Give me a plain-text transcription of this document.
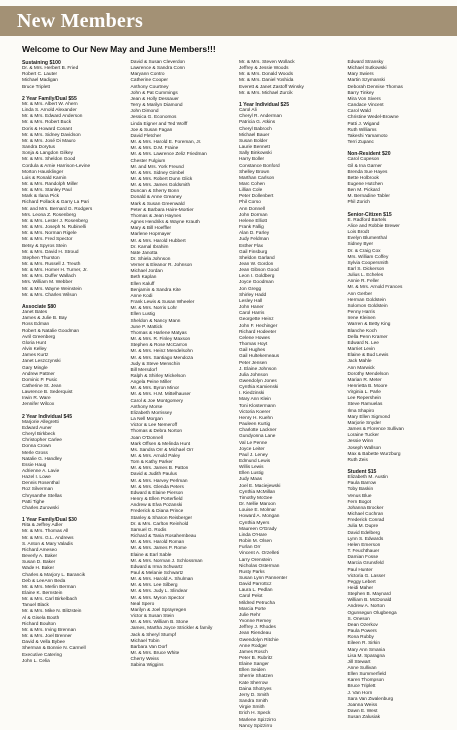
New Members

Welcome to Our New May and June Members!!!

Sustaining $100
Dr. & Mrs. Herbert B. Fried
Robert C. Lauter
Michael Madigan
Bruce Triplett
2 Year Family/Dual $55
Mr. & Mrs. Albert W. Ahern
Linda S. Arnold Alexander
Mr. & Mrs. Edward Anderson
Mr. & Mrs. Robert Buck
Doris & Howard Conant
Mr. & Mrs. Sidney Davidson
Mr. & Mrs. José Di Mauro
Sandra Dorytus
Sonja & Langdon Gilkey
Mr. & Mrs. Sheldon Good
Cordula & Arnie Harrison-Levine
Morton Hausklinger
Lois & Ronald Kamin
Mr. & Mrs. Randolph Miller
Mr. & Mrs. Stanley Paul
Mark & Ilana Pick
Richard Pollack & Garry La Pari
Mr. and Mrs. Bernard G. Rodgers
Mrs. Leona Z. Rosenberg
Mr. & Mrs. Lester J. Rosenberg
Mr. & Mrs. Joseph N. Rubinelli
Mr. & Mrs. Norman Rigele
Mr. & Mrs. Fred Spector
Betsy & Spyros Stein
Mr. & Mrs. David H. Stroud
Stephen Thurston
Mr. & Mrs. Russell J. Treuth
Mr. & Mrs. Homer H. Turner, Jr.
Mr. & Mrs. Duffer Wallach
Mrs. William M. Webber
Mr. & Mrs. Wayne Weinstein
Mr. & Mrs. Charles Wilson
Associate $80
Janet Bates
James & Julie B. Bay
Ross Edman
Robert & Natalie Goodman
Avril Greenberg
Gloria Hunt
Alvin Kelley
James Kurtz
Janet Leszczynski
Gary Mingle
Andrew Pattner
Dominic P. Pusic
Catherine St. Jean
Lawrence B. Sederquist
Irwin R. Ware
Jennifer Wilcox
2 Year Individual $45
Marjorie Allegretti
Edward Auner
Cheryl Birkbeck
Christopher Carlee
Donna Crown
Merle Gross
Natalie G. Handley
Essie Haug
Adrienne A. Lavie
Hazel I. Lowe
Dennis Rosenthal
Roz Silverman
Chrysanthe Stellas
Patti Tighe
Charles Zurowski
1 Year Family/Dual $30
Rita & Jeffrey Adler
Mr. & Mrs. Thomas All
Mr. & Mrs. G.L. Andrews
S. Anton & Mary Valadis
Richard Ameseo
Beverly A. Baker
Susan D. Baker
Wade H. Baker
Charles & Marjory L. Barancik
Deb & LeeAnn Beda
Mr. & Mrs. Merlin Berman
Elaine K. Bernstein
Mr. & Mrs. Carl Birkelbach
Tanuel Black
Mr. & Mrs. Mike N. Blitzstein
Al & Gisela Booth
Richard Boulton
Mr. & Mrs. Irving Brennan
Mr. & Mrs. Joel Brenner
David & Vella Bybee
Sherman & Bonnie N. Carmell
Executive Catering
John L. Celia
David & Susan Cleverdon
Lawrence & Sandra Conn
Maryann Contro
Catherine Cooper
Anthony Courtney
John & Pat Cummings
Jean & Holly Dessauer
Terry & Marilyn Diamond
John Dimond
Jessica G. Economos
Linda Eigner and Ted Wolff
Joe & Susan Fagan
David Fletcher
Mr. & Mrs. Harold E. Foreman, Jr.
Mr. & Mrs. D.M. Fraine
Mr. & Mrs. Lawrence Zeliz Friedman
Chester Fulgium
Mr. and Mrs. York Freund
Mr. & Mrs. Sidney Gimbel
Mr. & Mrs. Robert Dunn Glick
Mr. & Mrs. James Goldsmith
Duncan & Sherry Bonn
Donald & Anne Greaney
Mark & Susan Greenwald
Peter & Barbara Haire-Mortier
Thomas & Jean Haynes
Agnes Hendriks & Wayne Krauth
Mary & Bill Hoeffler
Marlene Hopmayer
Mr. & Mrs. Harold Hubbert
Dr. Kamal Ibrahim
Nate Janotta
Dr. Shiela Johnson
Verner & Eleanor R. Johnson
Michael Jordan
Beth Kaplan
Ellen Kaluff
Benjamin & Sandra Kite
Anne Kodi
Frank Lewis & Susan Wheeler
Mr. & Mrs. Norris Lohr
Ellen Lustig
Sheldon & Nancy Mann
June P. Mattick
Thomas & Harlene Matyas
Mr. & Mrs. R. Finley Maxson
Stephen & Rose McCarron
Mr. & Mrs. Heinz Mendelsohn
Mr. & Mrs. Santiago Mendoza
Judy & Steve Menschin
Bill Mersdorf
Ralph & Shirley Mickelson
Angela Peine Miller
Mr. & Mrs. Byron Minor
Mr. & Mrs. H.M. Mittelhauser
Carol & Joe Montgomery
Anthony Morse
Elizabeth Morrissey
La Nell Morgan
Victor & Lee Nemeroff
Thomas & Debra Norton
Joan O'Donnell
Mark Offsen & Melinda Hunt
Ms. Sandra Orr & Michael Orr
Mr. & Mrs. Arnold Paley
Tom & Kathy Parker
Mr. & Mrs. James B. Patton
David & Judith Paulus
Mr. & Mrs. Harvey Perlman
Mr. & Mrs. Glenda Peters
Edward & Elaine Pierson
Henry & Ellen Porterfield
Andrew & Elva Pozanski
Frederick & Diana Prince
Stanley & Sharon Reisberger
Dr. & Mrs. Carlton Reinhold
Samuel G. Rodis
Richard & Tania Rosahembeau
Mr. & Mrs. Harold Roman
Mr. & Mrs. James P. Rome
Elaine & Earl Sable
Mr. & Mrs. Norman J. Schlossman
Edward & Irma Schwartz
Paul & Melanie Schwartz
Mr. & Mrs. Harold A. Shulman
Mr. & Mrs. Lee Silberg
Mr. & Mrs. Judy L. Slindear
Mr. & Mrs. Myron Spector
Neal Spero
Marilyn & Joel Sprayregen
Victor & Susan Stein
Mr. & Mrs. William B. Stone
James, Martha Joyce Strickler & family
Jack & Sheryl Stumpf
Michael Tobin
Barbara Van Dorf
Mr. & Mrs. Bruce White
Cherry Weiss
Sabina Wiggins
Mr. & Mrs. Steven Wollack
Jeffrey & Jessie Woods
Mr. & Mrs. Donald Woods
Mr. & Mrs. Daniel Yoshida
Everett & Janet Zastoff Winsky
Mr. & Mrs. Michael Zurcik
1 Year Individual $25
Carol Ali
Cheryl R. Anderman
Patricia G. Atkins
Cheryl Babroch
Michael Bauer
Susan Bolder
Laurie Bennett
Sally Binkowski
Harry Boller
Constance Bonford
Shelley Brown
Marthan Carlson
Marc Cohen
Lillian Cole
Peter Dollenbert
Phil Corso
Ann Donnell
John Dorman
Helene Elliott
Frank Fallig
Alan D. Farley
Judy Feldman
Esther Flax
Gail Finsburg
Sheldon Garland
Jean W. Gordon
Jean Gibson Good
Leon I. Goldberg
Joyce Goodman
Jon Gregg
Shirley Hadd
Lesley Hall
John Haner
Carol Harris
Georgette Heinz
John F. Hechinger
Richard Hodeeter
Celene Howes
Thomas Hoyt
Gail Hughes
Gail Hultekemeaus
Peter Jensen
J. Elaine Johnson
Julia Johnson
Gwendolyn Jones
Cynthia Kamienski
I. Kiedzinski
Mary Ann Klein
Toni Klostermann
Victoria Koerer
Henry H. Kuehn
Pauleen Kurtig
Charlotte Lackner
Gundyonna Lane
Val Le Penne
Joyce Leiter
Paul J. Leney
Edmund Lewis
Willis Lewis
Ellen Lustig
Judy Maas
Joel E. Maciejewski
Cynthia McMillan
Timothy McGee
Dr. Nellie Maroon
Louise E. Molmar
Howard A. Mongan
Cynthia Myers
Maureen O'Grady
Linda O'Hare
Robin M. Olsen
Furlan Orr
Vincent A. Orzelleti
Larry Orenstein
Nicholas Osterman
Rusty Parks
Susan Lynn Pannenter
David Parrottcz
Laura L. Pedlan
Carol Pelot
Mildred Petrucha
Marcia Porte
Julie Rehr
Yvonne Remey
Jeffrey J. Rhodes
Jean Riendeau
Gwendolyn Ritchie
Anne Rodger
James Rosch
Peter B. Rubritz
Elaine Sanger
Ellen Seiden
Sherrie Shatzen
Kate Sherrow
Daina Shotryes
Jerry D. Smith
Sandra Smith
Virgie Smith
Erich H. Speck
Marlene Spizzirro
Nancy Spizzirro
Edward Stransky
Michael Sutkowski
Mary Swiers
Martin Szymanski
Deborah Dennise Thomas
Barry Tinkey
Mira Von Sivers
Candace Vincent
Carol Wald
Christine Wedel-Browne
Patti J. Wigand
Ruth Williams
Takeshi Yamamoto
Terri Zupanc
Non-Resident $20
Carol Copeson
Gil & Ina Garner
Brenda Sue Hayes
Bette Holbrook
Eugene Hutchen
Ben M. Pickard
M. Bernadine Tabler
Phil Zorich
Senior-Citizen $15
E. Radford Bartels
Alice and Robbie Brewer
Lois Brodt
Evelyn Blumenthal
Sidney Byer
Dr. & Craig Cox
Mrs. William Coffey
Sylvia Coopersmith
Earl S. Dickerson
Julius L. Echeles
Annie R. Feller
Mr. & Mrs. Arnold Frances
Ann Gerber
Herman Goldstein
Solomon Goldstein
Penny Harris
Irene Kleinen
Warren & Betty King
Blanche Koch
Della Penn Kramer
Edward N. Lee
Marriet Levin
Elaine & Bud Lewis
Jack Mahle
Ann Marwick
Dorothy Mendelson
Marian R. Meter
Henrietta B. Moore
Virginia L. Parle
Lee Repershein
Steve Ramuelas
Ilma Shapiro
Mary Ellen Sigmond
Marjorie Snyder
James & Florence Sullivan
Loraine Tucker
Jessie Winn
Joseph Wallson
Max & Babette Wurzburg
Ruth Zeis
Student $15
Elizabeth M. Austin
Paula Barrow
Toby Baskin
Venus Blue
Fern Bogot
Johanna Brocker
Michael Cochran
Frederick Conrad
Julia M. Dupre
David Edelberg
Lynn S. Edwards
Helen Emerson
T. Feuchthauer
Damian Fosse
Marcia Grunsfeld
Paul Hunter
Victoria G. Lasser
Peggy Lebert
Heidi Maher
Stephen B. Maynard
William B. McDonald
Andrew A. Norton
Ogunsegun Olugbenga
S. Oneson
Dean Ozerkov
Paula Powers
Rona Rubby
Eileen R. Sirkin
Mary Ann Smania
Lisa M. Sparagna
Jill Stewart
Anne Sullivan
Ellen Summerfield
Karen Thompson
Bruce Triplett
J. Van Horn
Sara Van Zwalenburg
Joanna Weiss
Dawn E. West
Susan Zalusiak
